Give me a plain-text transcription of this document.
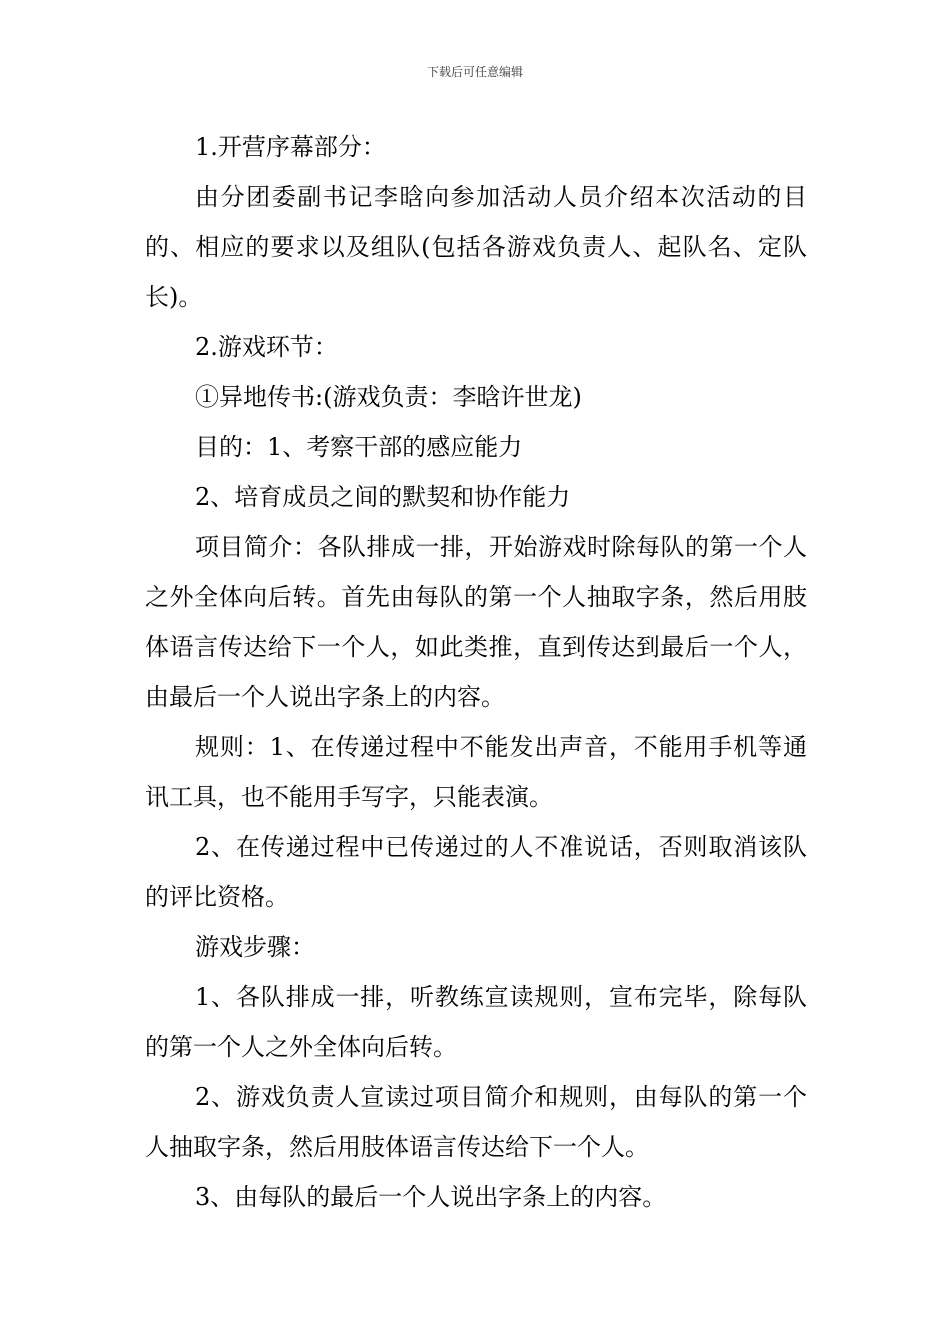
下载后可任意编辑

1.开营序幕部分：

由分团委副书记李晗向参加活动人员介绍本次活动的目的、相应的要求以及组队(包括各游戏负责人、起队名、定队长)。

2.游戏环节：

①异地传书:(游戏负责：李晗许世龙)

目的：1、考察干部的感应能力

2、培育成员之间的默契和协作能力

项目简介：各队排成一排，开始游戏时除每队的第一个人之外全体向后转。首先由每队的第一个人抽取字条，然后用肢体语言传达给下一个人，如此类推，直到传达到最后一个人，由最后一个人说出字条上的内容。

规则：1、在传递过程中不能发出声音，不能用手机等通讯工具，也不能用手写字，只能表演。

2、在传递过程中已传递过的人不准说话，否则取消该队的评比资格。

游戏步骤：

1、各队排成一排，听教练宣读规则，宣布完毕，除每队的第一个人之外全体向后转。

2、游戏负责人宣读过项目简介和规则，由每队的第一个人抽取字条，然后用肢体语言传达给下一个人。

3、由每队的最后一个人说出字条上的内容。
